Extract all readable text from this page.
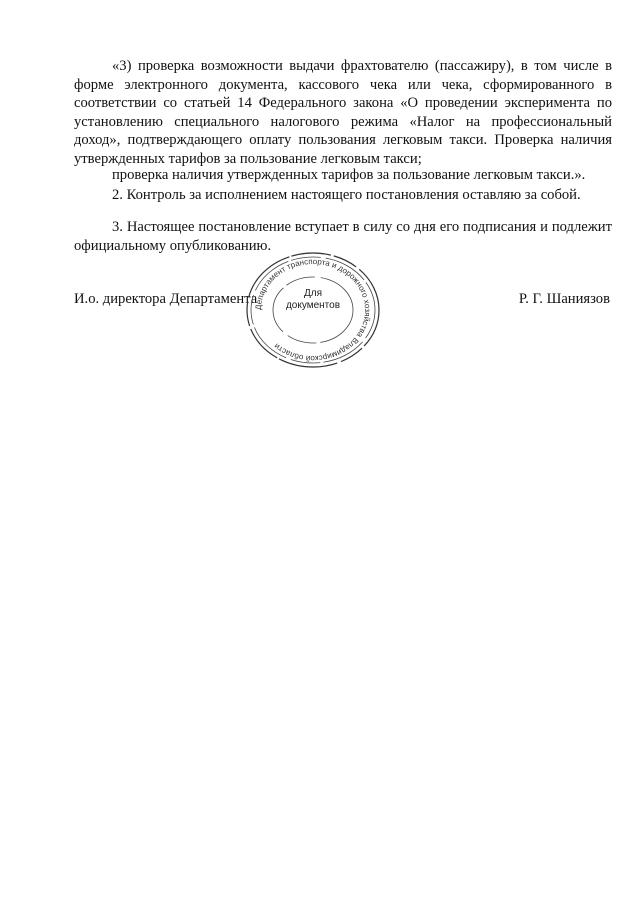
«3) проверка возможности выдачи фрахтователю (пассажиру), в том числе в форме электронного документа, кассового чека или чека, сформированного в соответствии со статьей 14 Федерального закона «О проведении эксперимента по установлению специального налогового режима «Налог на профессиональный доход», подтверждающего оплату пользования легковым такси. Проверка наличия утвержденных тарифов за пользование легковым такси;

проверка наличия утвержденных тарифов за пользование легковым такси.».

2. Контроль за исполнением настоящего постановления оставляю за собой.

3. Настоящее постановление вступает в силу со дня его подписания и подлежит официальному опубликованию.

И.о. директора Департамента	Р. Г. Шаниязов
Департамент транспорта и дорожного хозяйства Владимирской области
Для
документов
